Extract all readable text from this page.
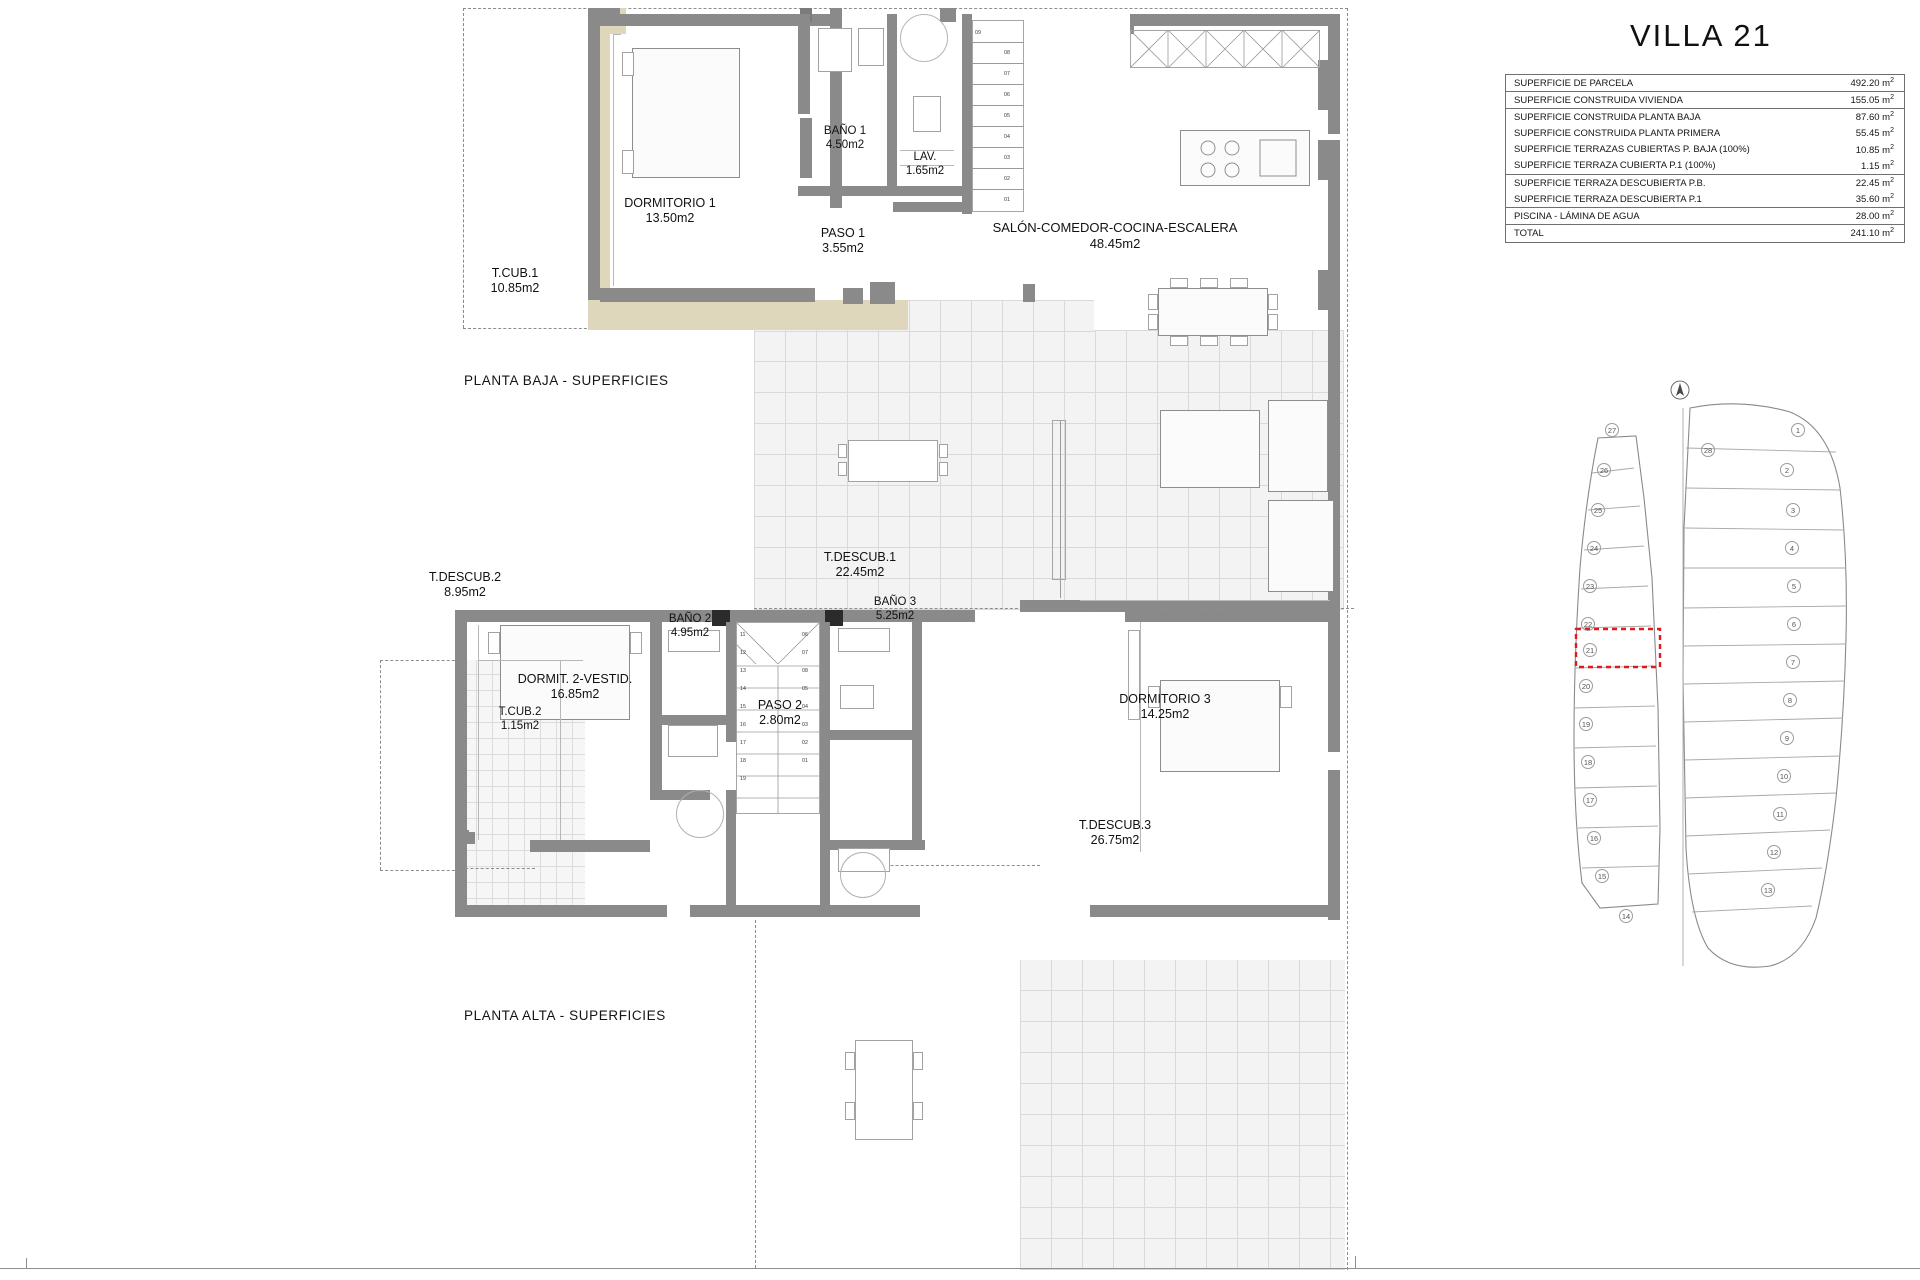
VILLA 21
SUPERFICIE DE PARCELA	492.20 $m^2$
SUPERFICIE CONSTRUIDA VIVIENDA	155.05 $m^2$
SUPERFICIE CONSTRUIDA PLANTA BAJA	87.60 $m^2$
SUPERFICIE CONSTRUIDA PLANTA PRIMERA	55.45 $m^2$
SUPERFICIE TERRAZAS CUBIERTAS P. BAJA (100%)	10.85 $m^2$
SUPERFICIE TERRAZA CUBIERTA P.1 (100%)	1.15 $m^2$
SUPERFICIE TERRAZA DESCUBIERTA P.B.	22.45 $m^2$
SUPERFICIE TERRAZA DESCUBIERTA P.1	35.60 $m^2$
PISCINA - LÁMINA DE AGUA	28.00 $m^2$
TOTAL	241.10 $m^2$
1
2
3
4
5
6
7
8
9
10
11
12
13
28
27
26
25
24
23
22
21
20
19
18
17
16
15
14
09
08
07
06
05
04
03
02
01
DORMITORIO 1
13.50m2
BAÑO 1
4.50m2
LAV.
1.65m2
PASO 1
3.55m2
SALÓN-COMEDOR-COCINA-ESCALERA
48.45m2
T.CUB.1
10.85m2
T.DESCUB.1
22.45m2
PLANTA BAJA - SUPERFICIES
11
12
13
14
15
16
17
18
19
06
07
08
05
04
03
02
01
T.DESCUB.2
8.95m2
DORMIT. 2-VESTID.
16.85m2
BAÑO 2
4.95m2
BAÑO 3
5.25m2
PASO 2
2.80m2
DORMITORIO 3
14.25m2
T.CUB.2
1.15m2
T.DESCUB.3
26.75m2
PLANTA ALTA - SUPERFICIES
